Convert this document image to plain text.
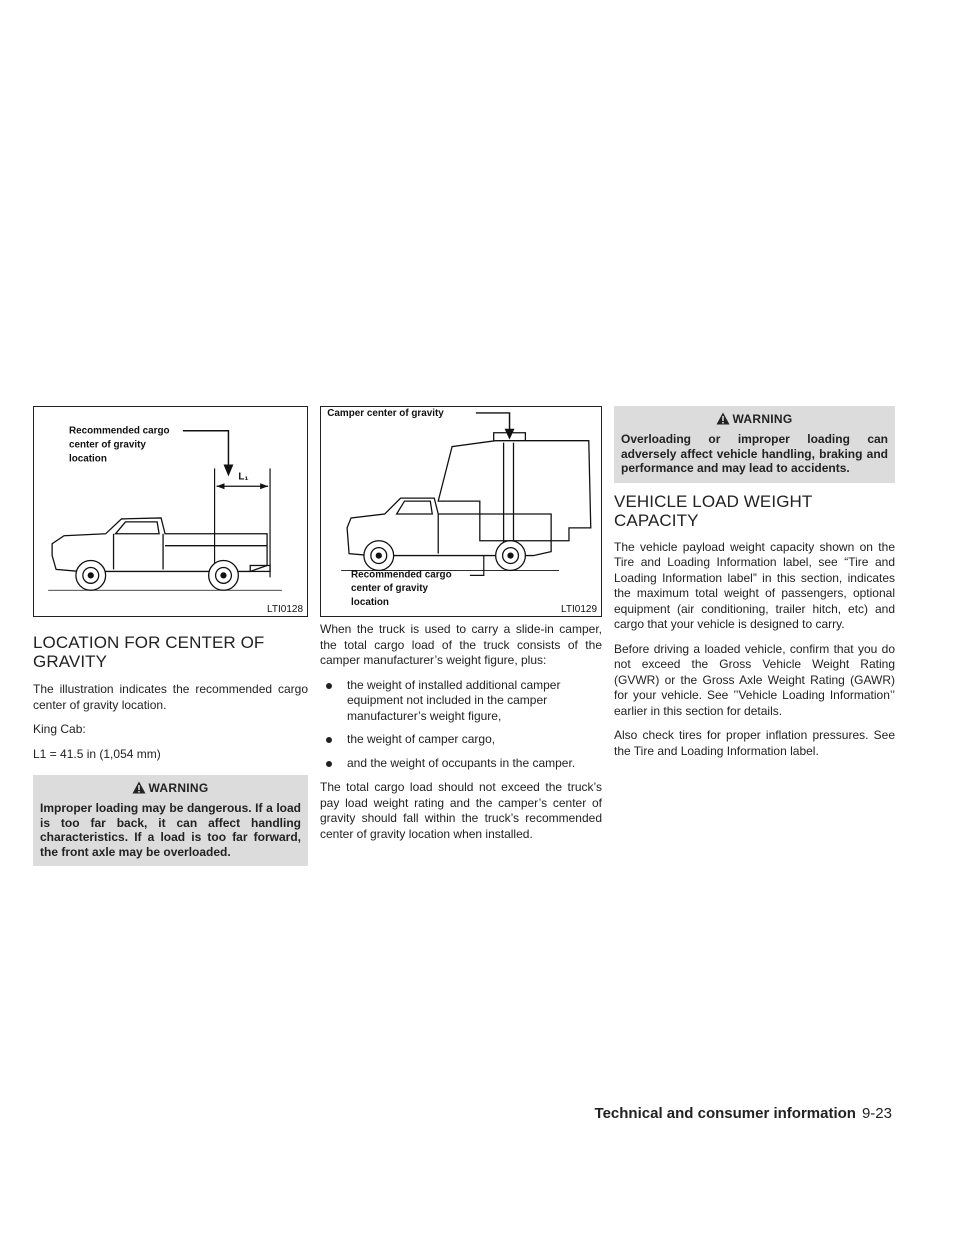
Recommended cargo
center of gravity
location
L₁
LTI0128
LOCATION FOR CENTER OF GRAVITY

The illustration indicates the recommended cargo center of gravity location.

King Cab:

L1 = 41.5 in (1,054 mm)

WARNING
Improper loading may be dangerous. If a load is too far back, it can affect handling characteristics. If a load is too far forward, the front axle may be overloaded.
Camper center of gravity
Recommended cargo
center of gravity
location
LTI0129

When the truck is used to carry a slide-in camper, the total cargo load of the truck consists of the camper manufacturer’s weight figure, plus:

the weight of installed additional camper equipment not included in the camper manufacturer’s weight figure,
the weight of camper cargo,
and the weight of occupants in the camper.

The total cargo load should not exceed the truck’s pay load weight rating and the camper’s center of gravity should fall within the truck’s recommended center of gravity location when installed.

WARNING
Overloading or improper loading can adversely affect vehicle handling, braking and performance and may lead to accidents.
VEHICLE LOAD WEIGHT CAPACITY

The vehicle payload weight capacity shown on the Tire and Loading Information label, see “Tire and Loading Information label” in this section, indicates the maximum total weight of passengers, optional equipment (air conditioning, trailer hitch, etc) and cargo that your vehicle is designed to carry.

Before driving a loaded vehicle, confirm that you do not exceed the Gross Vehicle Weight Rating (GVWR) or the Gross Axle Weight Rating (GAWR) for your vehicle. See ’’Vehicle Loading Information’’ earlier in this section for details.

Also check tires for proper inflation pressures. See the Tire and Loading Information label.

Technical and consumer information 9-23
